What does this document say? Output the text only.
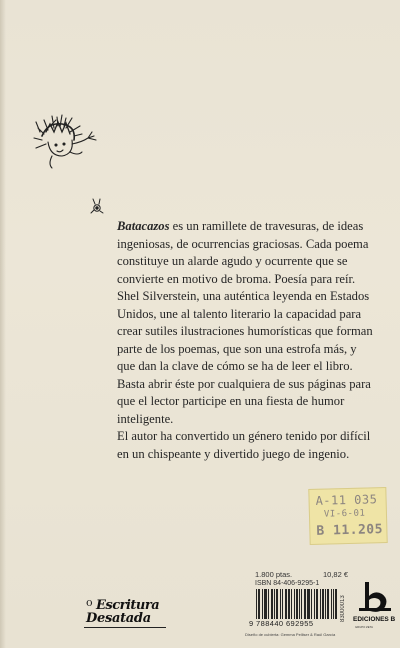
Batacazos es un ramillete de travesuras, de ideas ingeniosas, de ocurrencias graciosas. Cada poema constituye un alarde agudo y ocurrente que se convierte en motivo de broma. Poesía para reír.

Shel Silverstein, una auténtica leyenda en Estados Unidos, une al talento literario la capacidad para crear sutiles ilustraciones humorísticas que forman parte de los poemas, que son una estrofa más, y que dan la clave de cómo se ha de leer el libro. Basta abrir éste por cualquiera de sus páginas para que el lector participe en una fiesta de humor inteligente.

El autor ha convertido un género tenido por difícil en un chispeante y divertido juego de ingenio.

A-11 035
VI-6-01
B 11.205
o Escritura
Desatada
1.800 ptas.	10,82 €
ISBN 84-406-9295-1
9 788440 692955
83000013
Diseño de cubierta: Gemma Pelliser & Raúl García
EDICIONES B
GRUPO ZETA
